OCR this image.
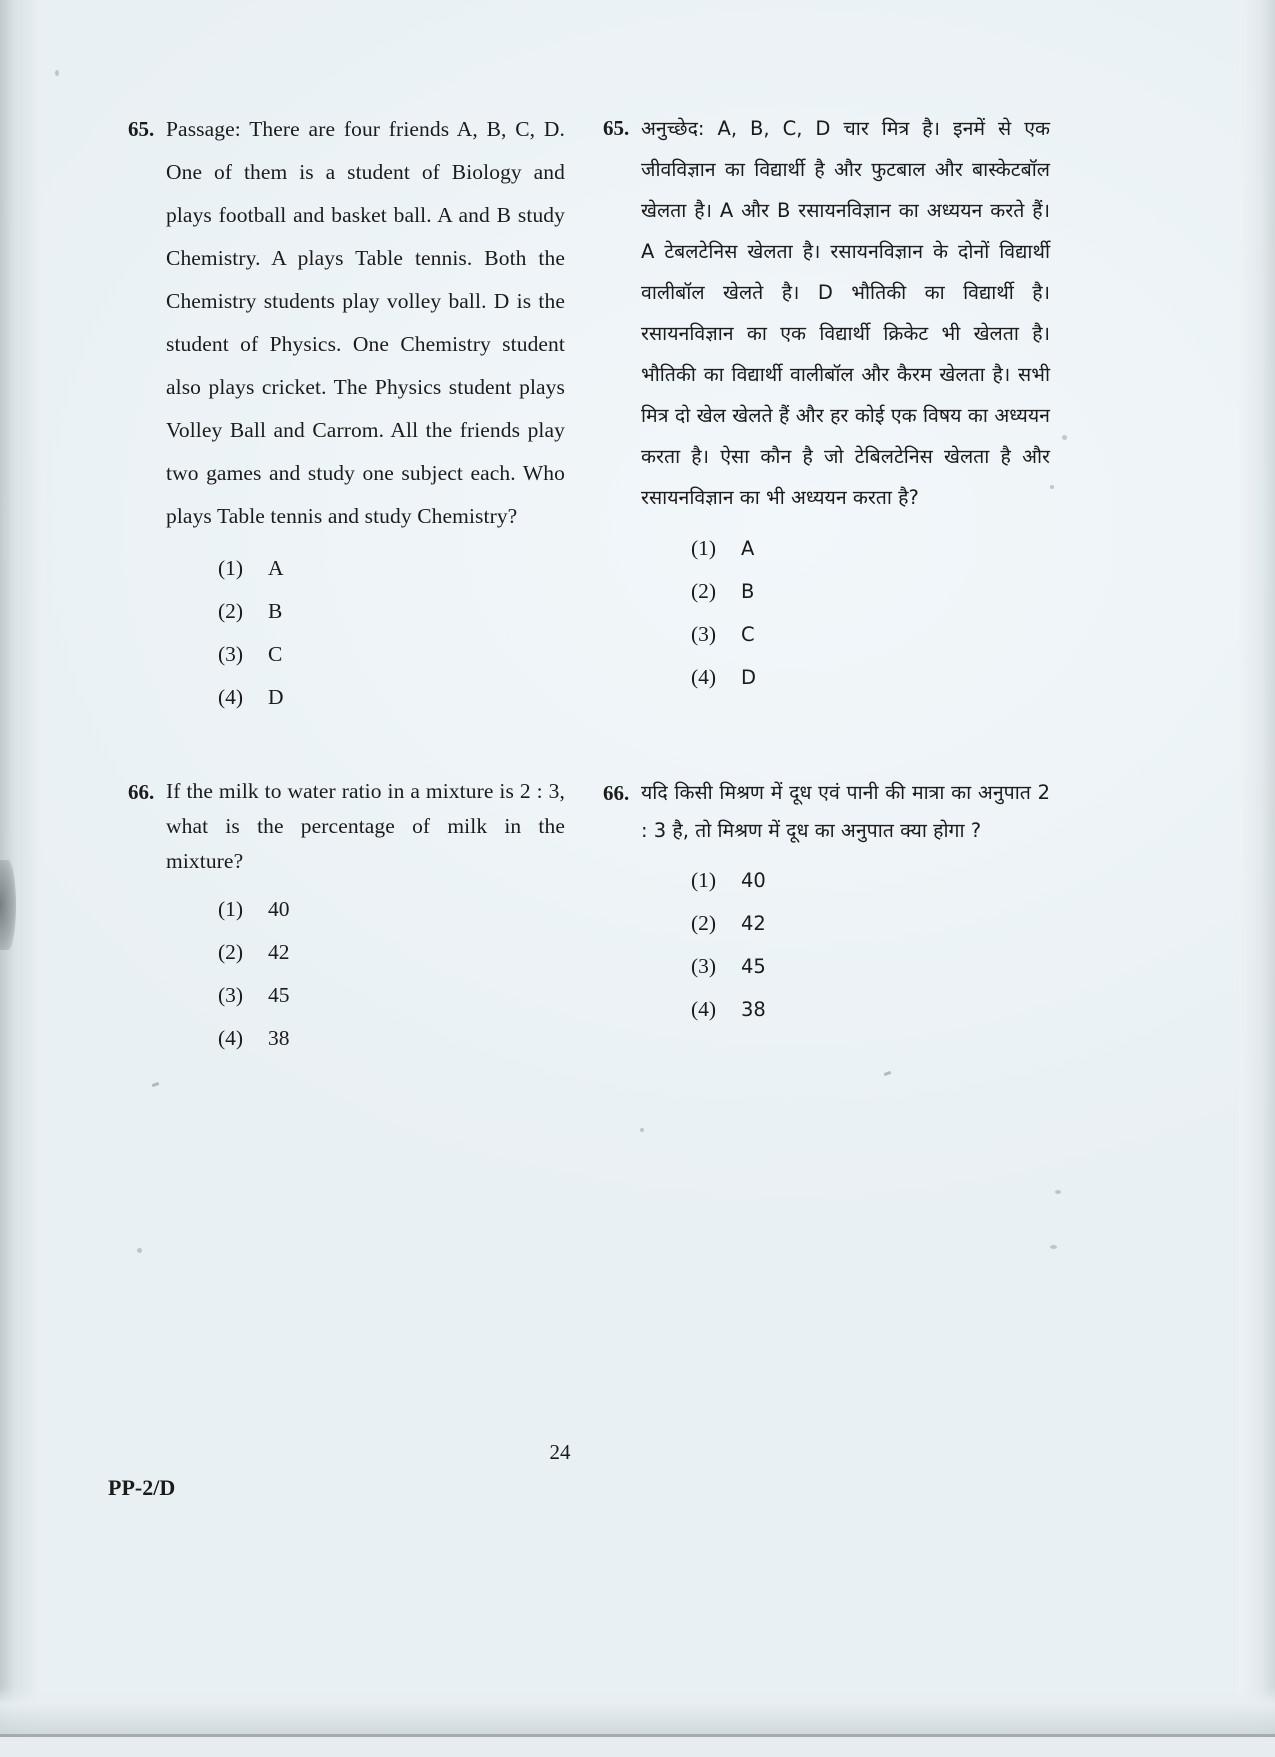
65. Passage: There are four friends A, B, C, D. One of them is a student of Biology and plays football and basket ball. A and B study Chemistry. A plays Table tennis. Both the Chemistry students play volley ball. D is the student of Physics. One Chemistry student also plays cricket. The Physics student plays Volley Ball and Carrom. All the friends play two games and study one subject each. Who plays Table tennis and study Chemistry?
(1)	A
(2)	B
(3)	C
(4)	D
65. अनुच्छेद: A, B, C, D चार मित्र है। इनमें से एक जीवविज्ञान का विद्यार्थी है और फुटबाल और बास्केटबॉल खेलता है। A और B रसायनविज्ञान का अध्ययन करते हैं। A टेबलटेनिस खेलता है। रसायनविज्ञान के दोनों विद्यार्थी वालीबॉल खेलते है। D भौतिकी का विद्यार्थी है। रसायनविज्ञान का एक विद्यार्थी क्रिकेट भी खेलता है। भौतिकी का विद्यार्थी वालीबॉल और कैरम खेलता है। सभी मित्र दो खेल खेलते हैं और हर कोई एक विषय का अध्ययन करता है। ऐसा कौन है जो टेबिलटेनिस खेलता है और रसायनविज्ञान का भी अध्ययन करता है?
(1)	A
(2)	B
(3)	C
(4)	D
66. If the milk to water ratio in a mixture is 2 : 3, what is the percentage of milk in the mixture?
(1)	40
(2)	42
(3)	45
(4)	38
66. यदि किसी मिश्रण में दूध एवं पानी की मात्रा का अनुपात 2 : 3 है, तो मिश्रण में दूध का अनुपात क्या होगा ?
(1)	40
(2)	42
(3)	45
(4)	38
24
PP-2/D
